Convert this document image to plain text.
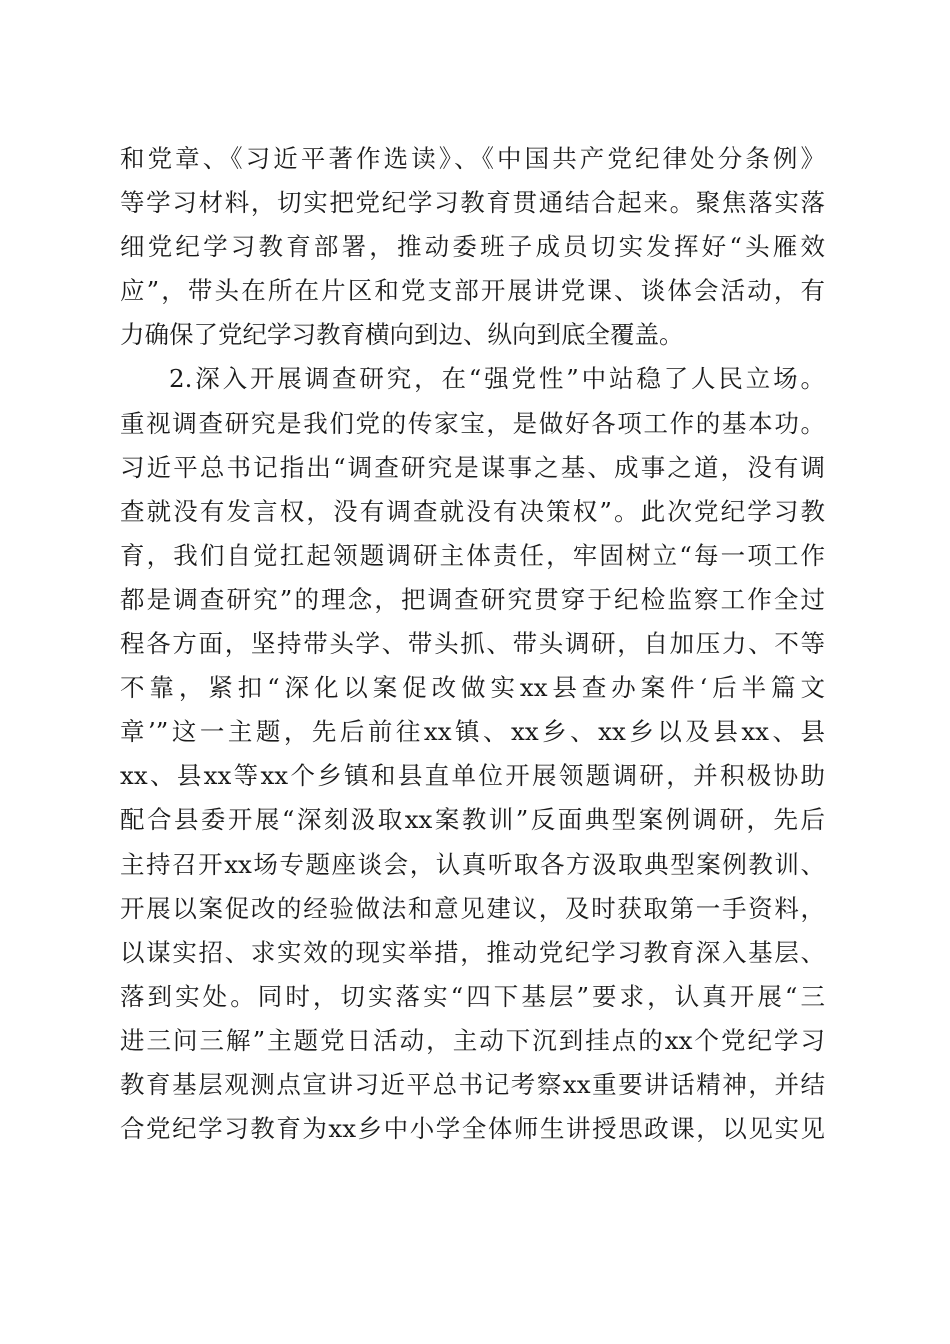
和党章、《习近平著作选读》、《中国共产党纪律处分条例》
等学习材料，切实把党纪学习教育贯通结合起来。聚焦落实落
细党纪学习教育部署，推动委班子成员切实发挥好“头雁效
应”，带头在所在片区和党支部开展讲党课、谈体会活动，有
力确保了党纪学习教育横向到边、纵向到底全覆盖。
2.深入开展调查研究，在“强党性”中站稳了人民立场。
重视调查研究是我们党的传家宝，是做好各项工作的基本功。
习近平总书记指出“调查研究是谋事之基、成事之道，没有调
查就没有发言权，没有调查就没有决策权”。此次党纪学习教
育，我们自觉扛起领题调研主体责任，牢固树立“每一项工作
都是调查研究”的理念，把调查研究贯穿于纪检监察工作全过
程各方面，坚持带头学、带头抓、带头调研，自加压力、不等
不靠，紧扣“深化以案促改做实xx县查办案件‘后半篇文
章’”这一主题，先后前往xx镇、xx乡、xx乡以及县xx、县
xx、县xx等xx个乡镇和县直单位开展领题调研，并积极协助
配合县委开展“深刻汲取xx案教训”反面典型案例调研，先后
主持召开xx场专题座谈会，认真听取各方汲取典型案例教训、
开展以案促改的经验做法和意见建议，及时获取第一手资料，
以谋实招、求实效的现实举措，推动党纪学习教育深入基层、
落到实处。同时，切实落实“四下基层”要求，认真开展“三
进三问三解”主题党日活动，主动下沉到挂点的xx个党纪学习
教育基层观测点宣讲习近平总书记考察xx重要讲话精神，并结
合党纪学习教育为xx乡中小学全体师生讲授思政课，以见实见
